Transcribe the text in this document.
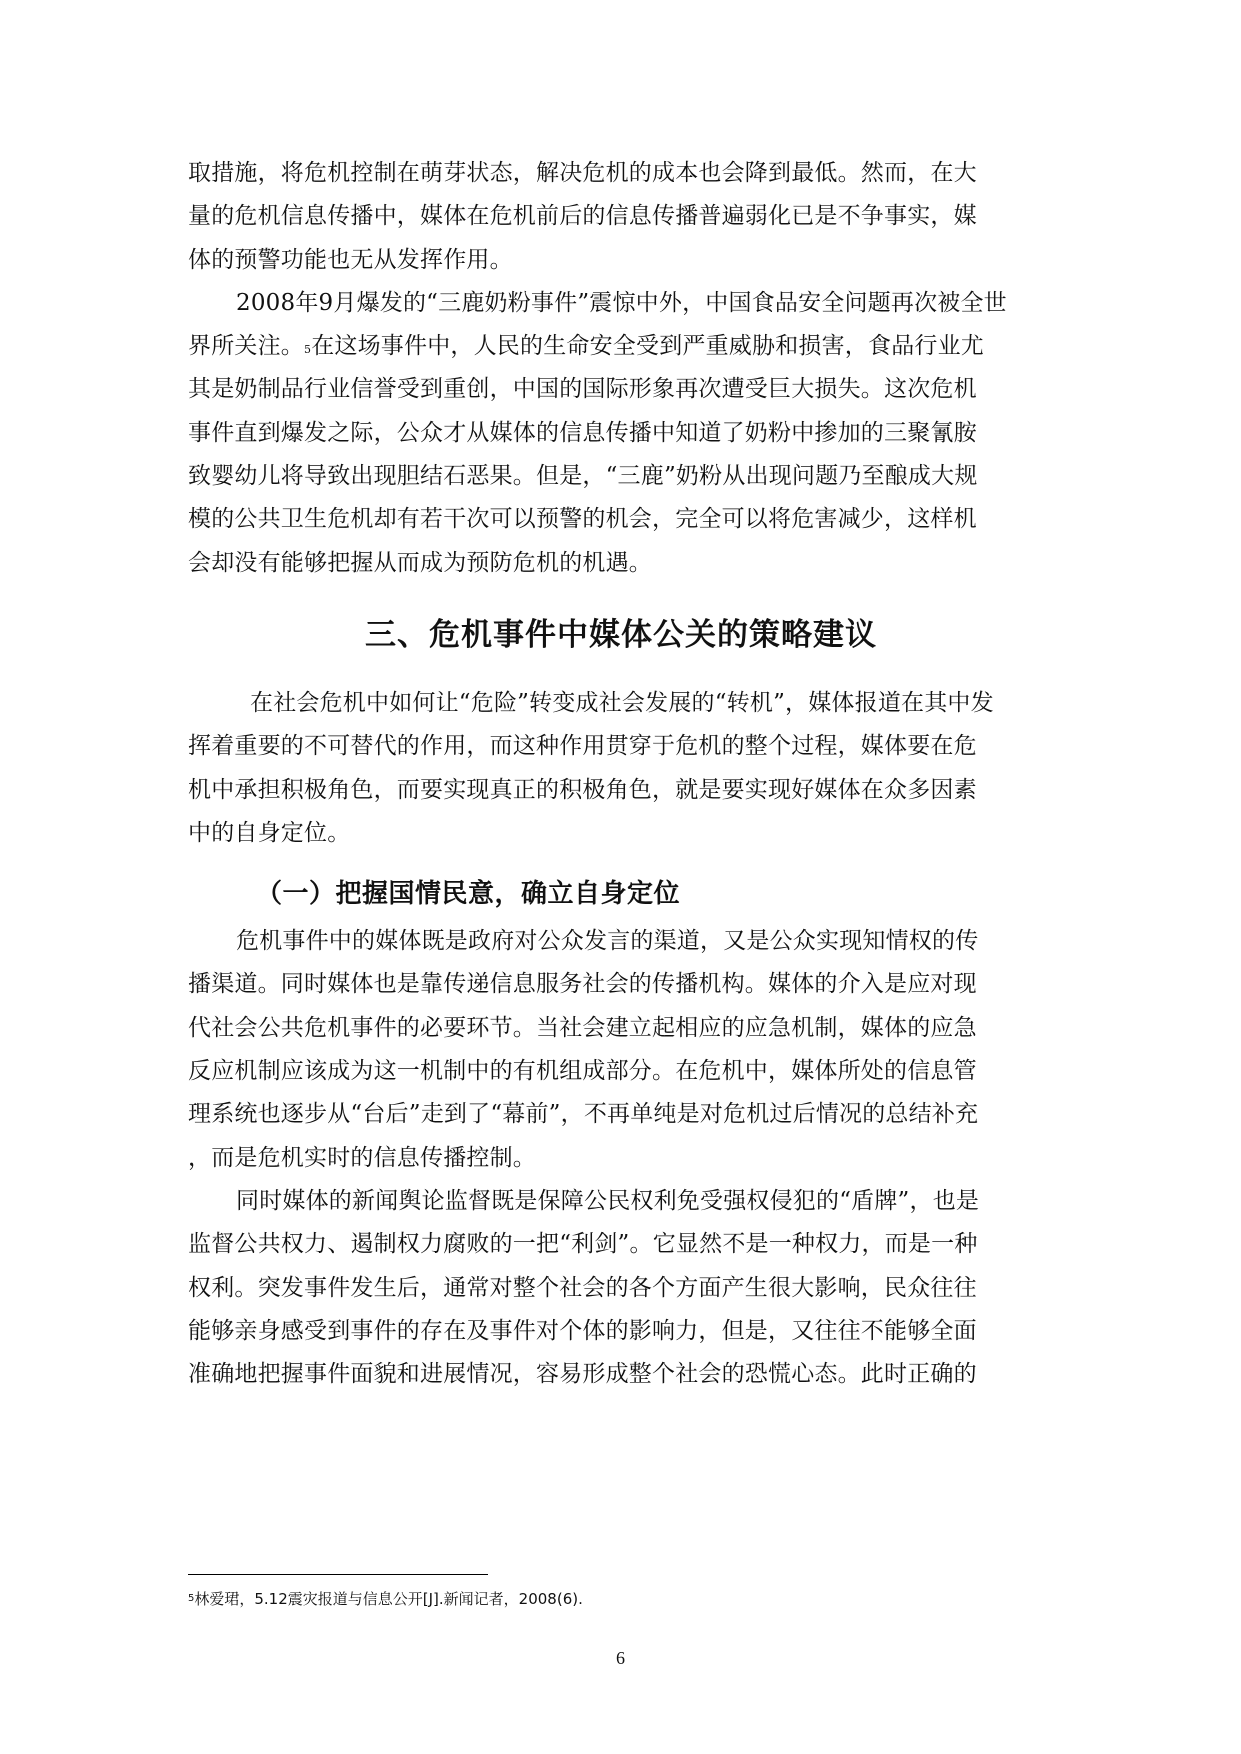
取措施，将危机控制在萌芽状态，解决危机的成本也会降到最低。然而，在大
量的危机信息传播中，媒体在危机前后的信息传播普遍弱化已是不争事实，媒
体的预警功能也无从发挥作用。
2008年9月爆发的“三鹿奶粉事件”震惊中外，中国食品安全问题再次被全世
界所关注。$^5$在这场事件中，人民的生命安全受到严重威胁和损害，食品行业尤
其是奶制品行业信誉受到重创，中国的国际形象再次遭受巨大损失。这次危机
事件直到爆发之际，公众才从媒体的信息传播中知道了奶粉中掺加的三聚氰胺
致婴幼儿将导致出现胆结石恶果。但是，“三鹿”奶粉从出现问题乃至酿成大规
模的公共卫生危机却有若干次可以预警的机会，完全可以将危害减少，这样机
会却没有能够把握从而成为预防危机的机遇。
三、危机事件中媒体公关的策略建议
在社会危机中如何让“危险”转变成社会发展的“转机”，媒体报道在其中发
挥着重要的不可替代的作用，而这种作用贯穿于危机的整个过程，媒体要在危
机中承担积极角色，而要实现真正的积极角色，就是要实现好媒体在众多因素
中的自身定位。
（一）把握国情民意，确立自身定位
危机事件中的媒体既是政府对公众发言的渠道，又是公众实现知情权的传
播渠道。同时媒体也是靠传递信息服务社会的传播机构。媒体的介入是应对现
代社会公共危机事件的必要环节。当社会建立起相应的应急机制，媒体的应急
反应机制应该成为这一机制中的有机组成部分。在危机中，媒体所处的信息管
理系统也逐步从“台后”走到了“幕前”，不再单纯是对危机过后情况的总结补充
，而是危机实时的信息传播控制。
同时媒体的新闻舆论监督既是保障公民权利免受强权侵犯的“盾牌”，也是
监督公共权力、遏制权力腐败的一把“利剑”。它显然不是一种权力，而是一种
权利。突发事件发生后，通常对整个社会的各个方面产生很大影响，民众往往
能够亲身感受到事件的存在及事件对个体的影响力，但是，又往往不能够全面
准确地把握事件面貌和进展情况，容易形成整个社会的恐慌心态。此时正确的
$^5$林爱珺，5.12震灾报道与信息公开[J].新闻记者，2008(6).
6
